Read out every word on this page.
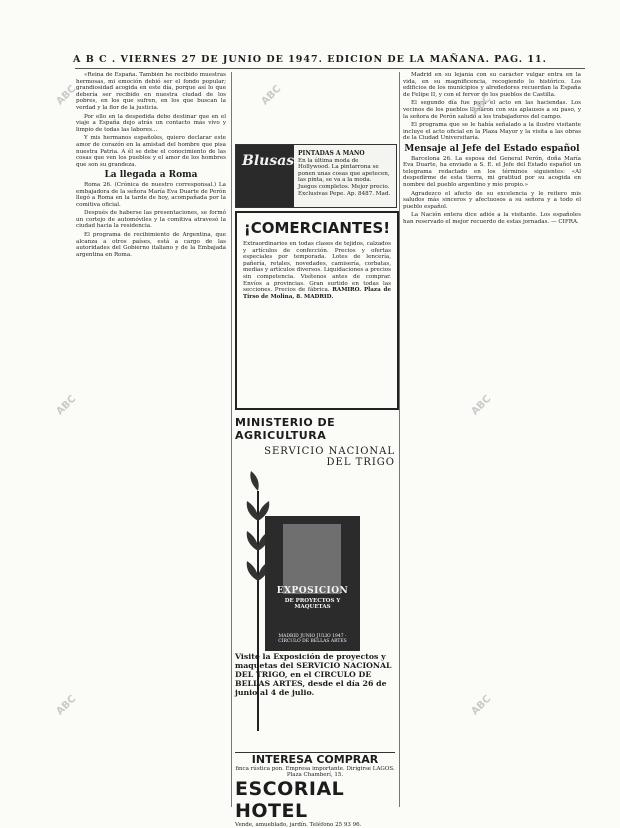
A B C . VIERNES 27 DE JUNIO DE 1947. EDICION DE LA MAÑANA. PAG. 11.

«Reina de España. También he recibido muestras hermosas, mi emoción debió ser el fondo popular; grandiosidad acogida en este día, porque así lo que debería ser recibido en nuestra ciudad de los pobres, en los que sufren, en los que buscan la verdad y la flor de la justicia.

Por ello en la despedida debo destinar que en el viaje a España dejo atrás un contacto más vivo y limpio de todas las labores...

Y mis hermanos españoles, quiero declarar este amor de corazón en la amistad del hombre que pisa nuestra Patria. A él se debe el conocimiento de las cosas que ven los pueblos y el amor de los hombres que son su grandeza.

La llegada a Roma

Roma 26. (Crónica de nuestro corresponsal.) La embajadora de la señora María Eva Duarte de Perón llegó a Roma en la tarde de hoy, acompañada por la comitiva oficial.

Después de haberse las presentaciones, se formó un cortejo de automóviles y la comitiva atravesó la ciudad hacia la residencia.

El programa de recibimiento de Argentina, que alcanza a otros países, está a cargo de las autoridades del Gobierno italiano y de la Embajada argentina en Roma.

Blusas PINTADAS A MANO
En la última moda de Hollywood. La pintarrona se ponen unas cosas que apetecen, las pinta, se va a la moda. Juegos completos. Mejor precio.
Exclusivas Pepe. Ap. 8487. Mad.
¡COMERCIANTES!
Extraordinarios en todas clases de tejidos, calzados y artículos de confección. Precios y ofertas especiales por temporada. Lotes de lencería, pañería, retales, novedades, camisería, corbatas, medias y artículos diversos. Liquidaciones a precios sin competencia. Visítenos antes de comprar. Envíos a provincias. Gran surtido en todas las secciones. Precios de fábrica. RAMIRO. Plaza de Tirso de Molina, 8. MADRID.
MINISTERIO DE AGRICULTURA
SERVICIO NACIONAL
DEL TRIGO
EXPOSICION
DE PROYECTOS Y MAQUETAS
MADRID JUNIO JULIO 1947 · CIRCULO DE BELLAS ARTES
Visite la Exposición de proyectos y maquetas del SERVICIO NACIONAL DEL TRIGO, en el CIRCULO DE BELLAS ARTES, desde el día 26 de junio al 4 de julio.
INTERESA COMPRAR
finca rústica pon. Empresa importante. Dirigirse LAGOS. Plaza Chamberí, 15.
ESCORIAL HOTEL
Vende, amueblado, jardín. Teléfono 25 93 96.

Madrid en su lejanía con su carácter vulgar entra en la vida, en su magnificencia, recogiendo lo histórico. Los edificios de los municipios y alrededores recuerdan la España de Felipe II, y con el fervor de los pueblos de Castilla.

El segundo día fue para el acto en las haciendas. Los vecinos de los pueblos llenaron con sus aplausos a su paso, y la señora de Perón saludó a los trabajadores del campo.

El programa que se le había señalado a la ilustre visitante incluye el acto oficial en la Plaza Mayor y la visita a las obras de la Ciudad Universitaria.

Mensaje al Jefe del Estado español

Barcelona 26. La esposa del General Perón, doña María Eva Duarte, ha enviado a S. E. el Jefe del Estado español un telegrama redactado en los términos siguientes: «Al despedirme de esta tierra, mi gratitud por su acogida en nombre del pueblo argentino y mío propio.»

Agradezco el afecto de su excelencia y le reitero mis saludos más sinceros y afectuosos a su señora y a todo el pueblo español.

La Nación entera dice adiós a la visitante. Los españoles han reservado el mejor recuerdo de estas jornadas. — CIFRA.

ABC	ABC
ABC
ABC	ABC
ABC	ABC
